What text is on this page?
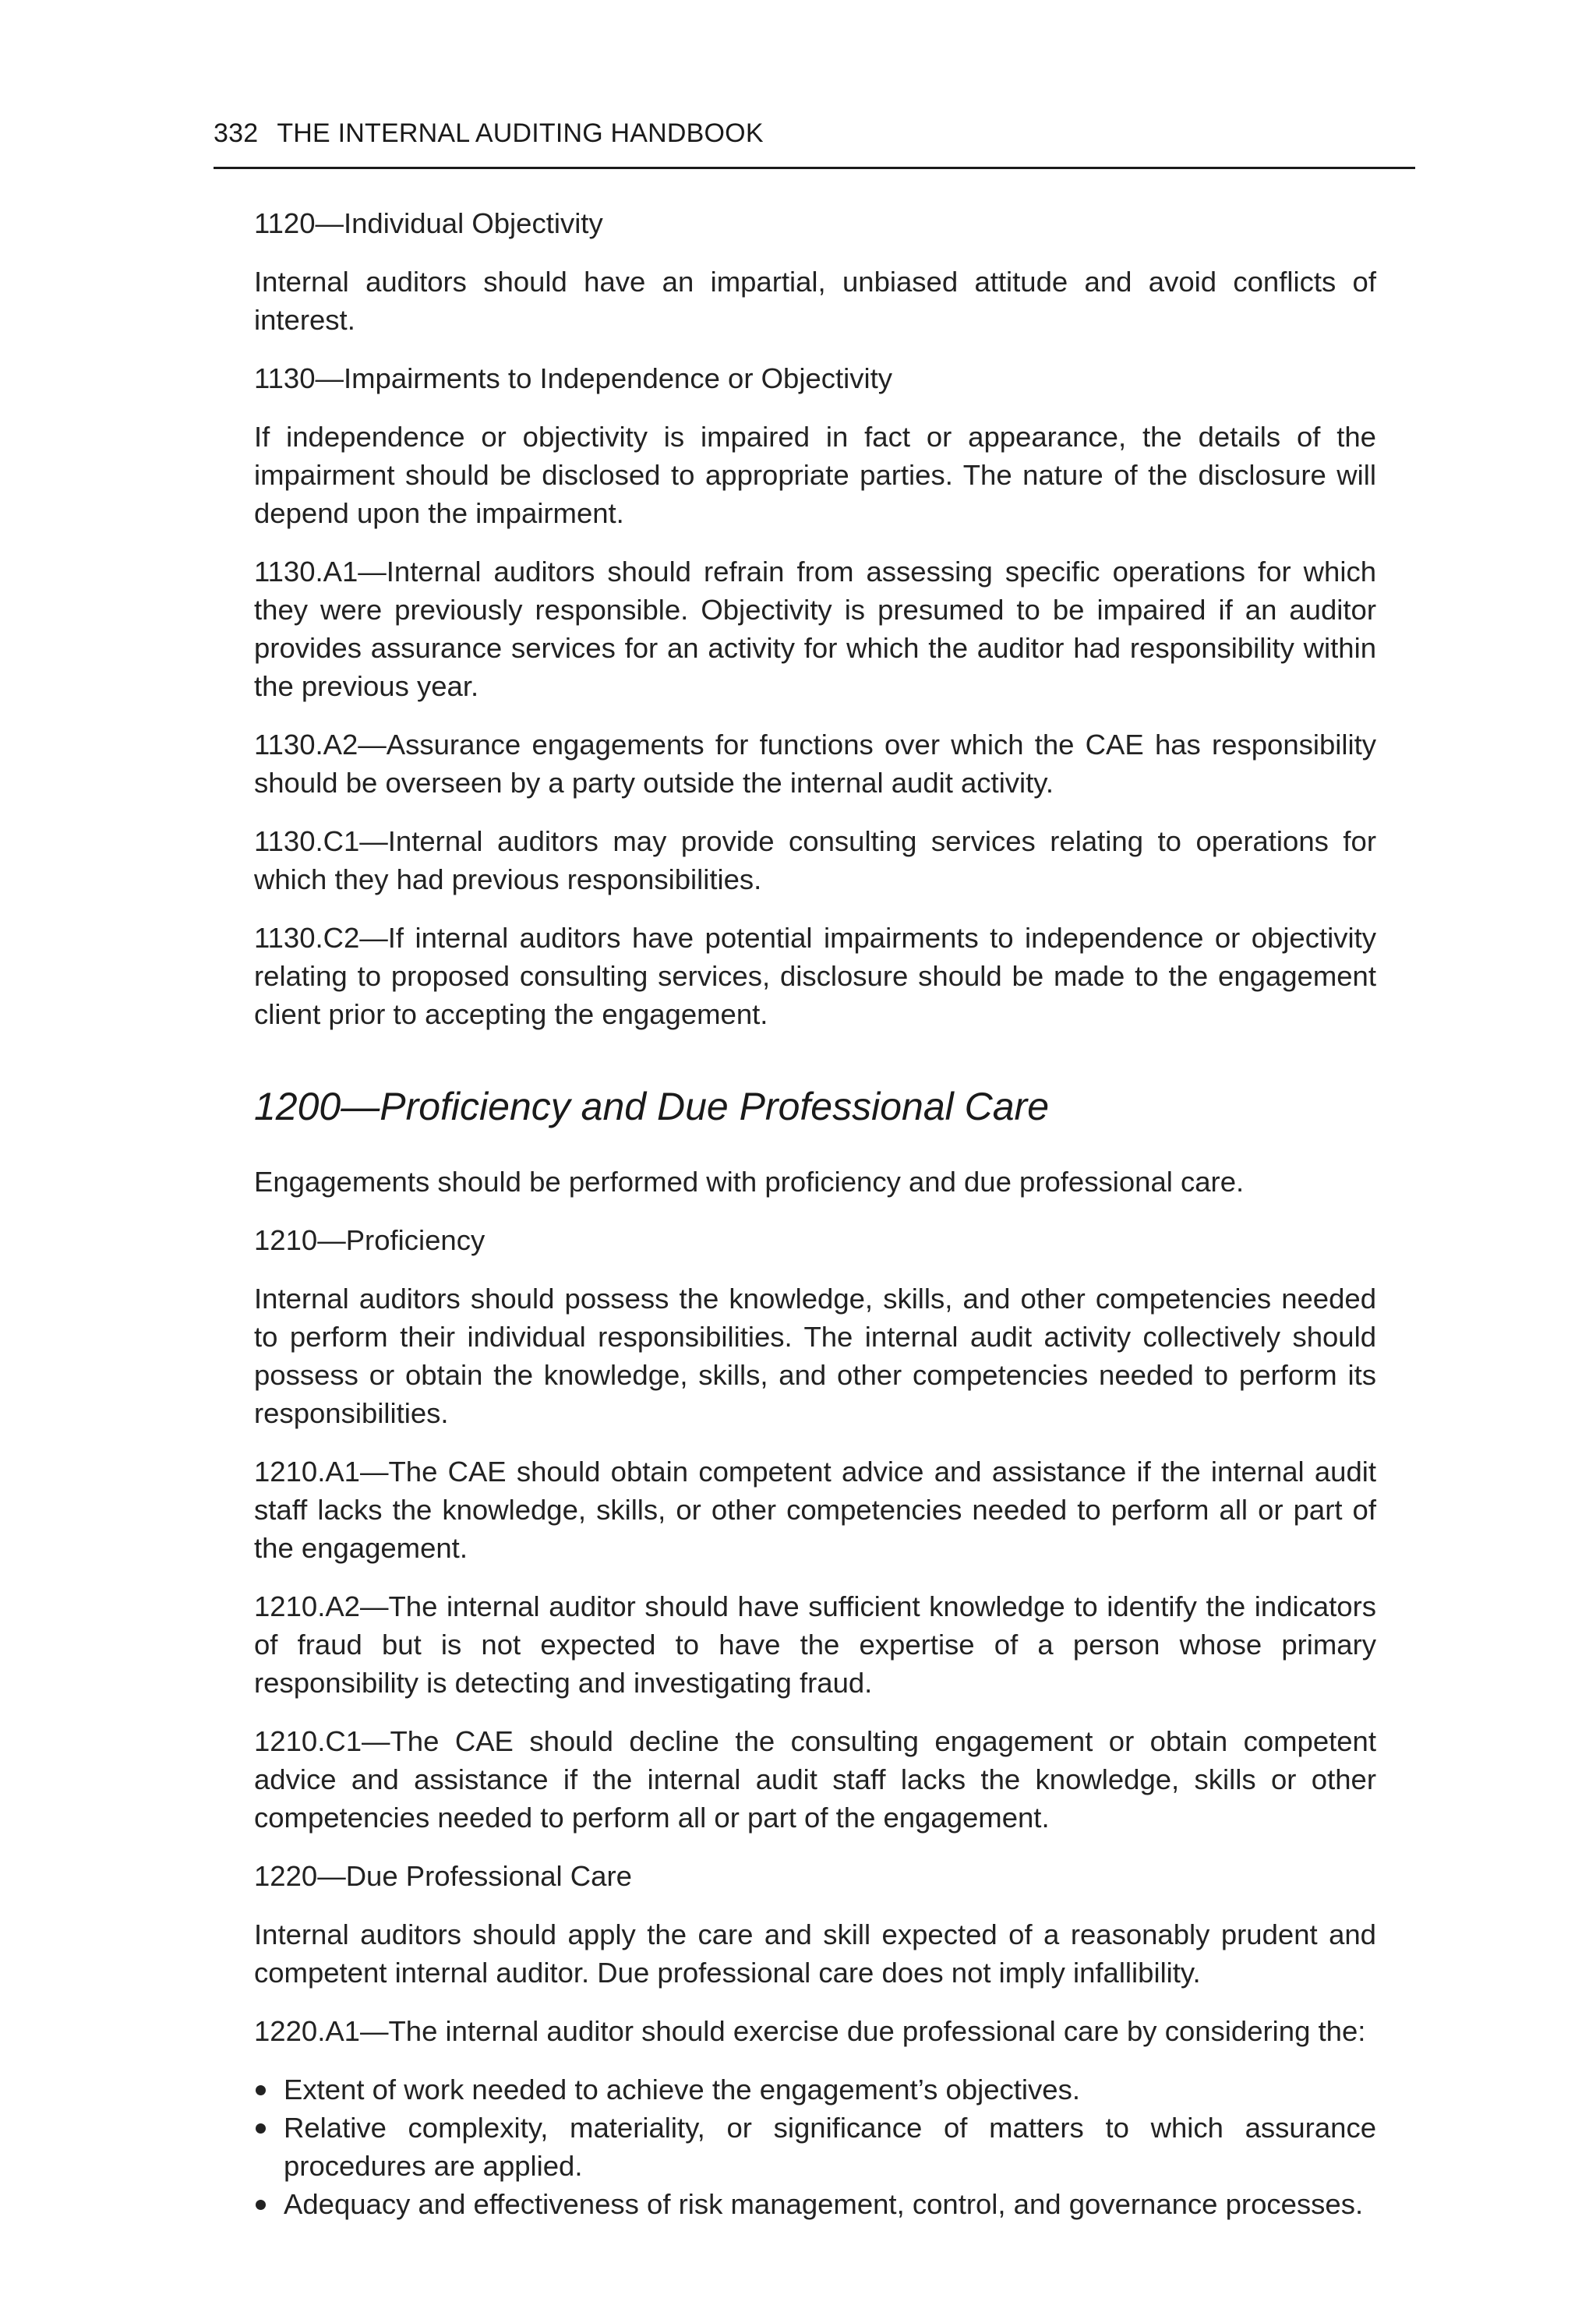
332 THE INTERNAL AUDITING HANDBOOK
1120—Individual Objectivity
Internal auditors should have an impartial, unbiased attitude and avoid conflicts of interest.
1130—Impairments to Independence or Objectivity
If independence or objectivity is impaired in fact or appearance, the details of the impairment should be disclosed to appropriate parties. The nature of the disclosure will depend upon the impairment.
1130.A1—Internal auditors should refrain from assessing specific operations for which they were previously responsible. Objectivity is presumed to be impaired if an auditor provides assurance services for an activity for which the auditor had responsibility within the previous year.
1130.A2—Assurance engagements for functions over which the CAE has responsibility should be overseen by a party outside the internal audit activity.
1130.C1—Internal auditors may provide consulting services relating to operations for which they had previous responsibilities.
1130.C2—If internal auditors have potential impairments to independence or objectivity relating to proposed consulting services, disclosure should be made to the engagement client prior to accepting the engagement.
1200—Proficiency and Due Professional Care
Engagements should be performed with proficiency and due professional care.
1210—Proficiency
Internal auditors should possess the knowledge, skills, and other competencies needed to perform their individual responsibilities. The internal audit activity collectively should possess or obtain the knowledge, skills, and other competencies needed to perform its responsibilities.
1210.A1—The CAE should obtain competent advice and assistance if the internal audit staff lacks the knowledge, skills, or other competencies needed to perform all or part of the engagement.
1210.A2—The internal auditor should have sufficient knowledge to identify the indicators of fraud but is not expected to have the expertise of a person whose primary responsibility is detecting and investigating fraud.
1210.C1—The CAE should decline the consulting engagement or obtain competent advice and assistance if the internal audit staff lacks the knowledge, skills or other competencies needed to perform all or part of the engagement.
1220—Due Professional Care
Internal auditors should apply the care and skill expected of a reasonably prudent and competent internal auditor. Due professional care does not imply infallibility.
1220.A1—The internal auditor should exercise due professional care by considering the:
Extent of work needed to achieve the engagement’s objectives.
Relative complexity, materiality, or significance of matters to which assurance procedures are applied.
Adequacy and effectiveness of risk management, control, and governance processes.
